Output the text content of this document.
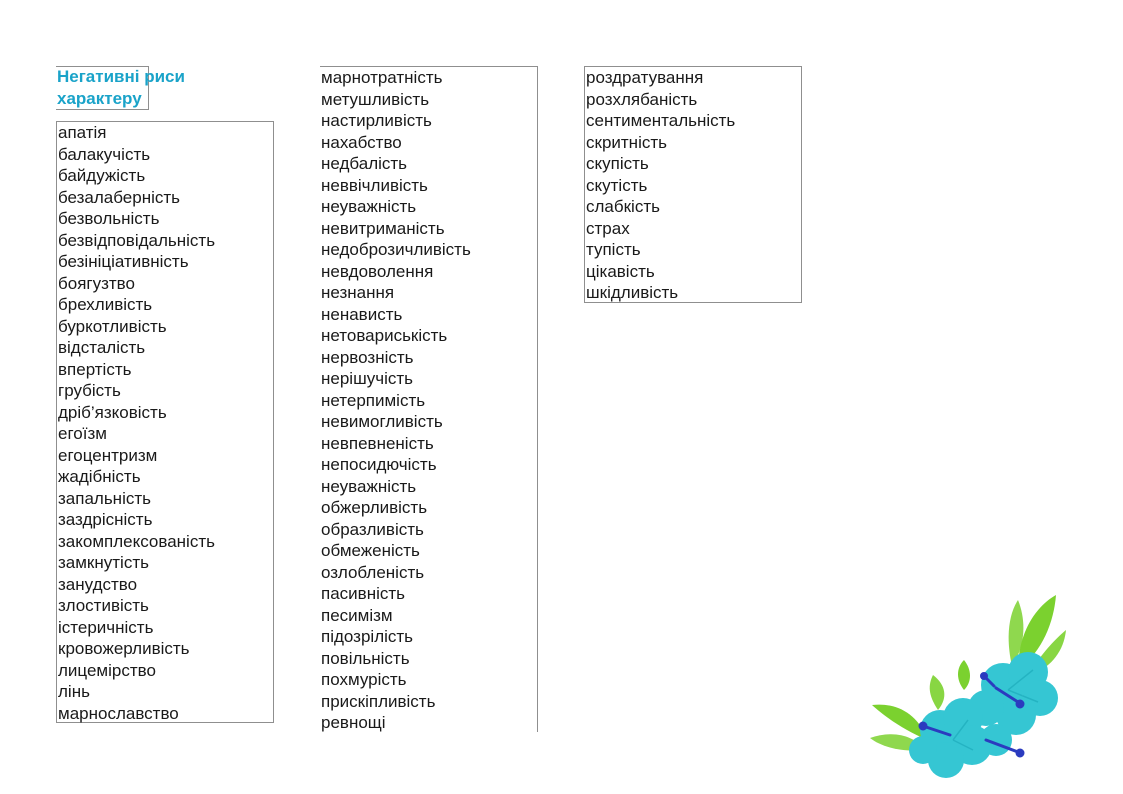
Негативні риси характеру
апатія
балакучість
байдужість
безалаберність
безвольність
безвідповідальність
безініціативність
боягузтво
брехливість
буркотливість
відсталість
впертість
грубість
дріб’язковість
егоїзм
егоцентризм
жадібність
запальність
заздрісність
закомплексованість
замкнутість
занудство
злостивість
істеричність
кровожерливість
лицемірство
лінь
марнославство
марнотратність
метушливість
настирливість
нахабство
недбалість
неввічливість
неуважність
невитриманість
недоброзичливість
невдоволення
незнання
ненависть
нетовариськість
нервозність
нерішучість
нетерпимість
невимогливість
невпевненість
непосидючість
неуважність
обжерливість
образливість
обмеженість
озлобленість
пасивність
песимізм
підозрілість
повільність
похмурість
прискіпливість
ревнощі
роздратування
розхлябаність
сентиментальність
скритність
скупість
скутість
слабкість
страх
тупість
цікавість
шкідливість
